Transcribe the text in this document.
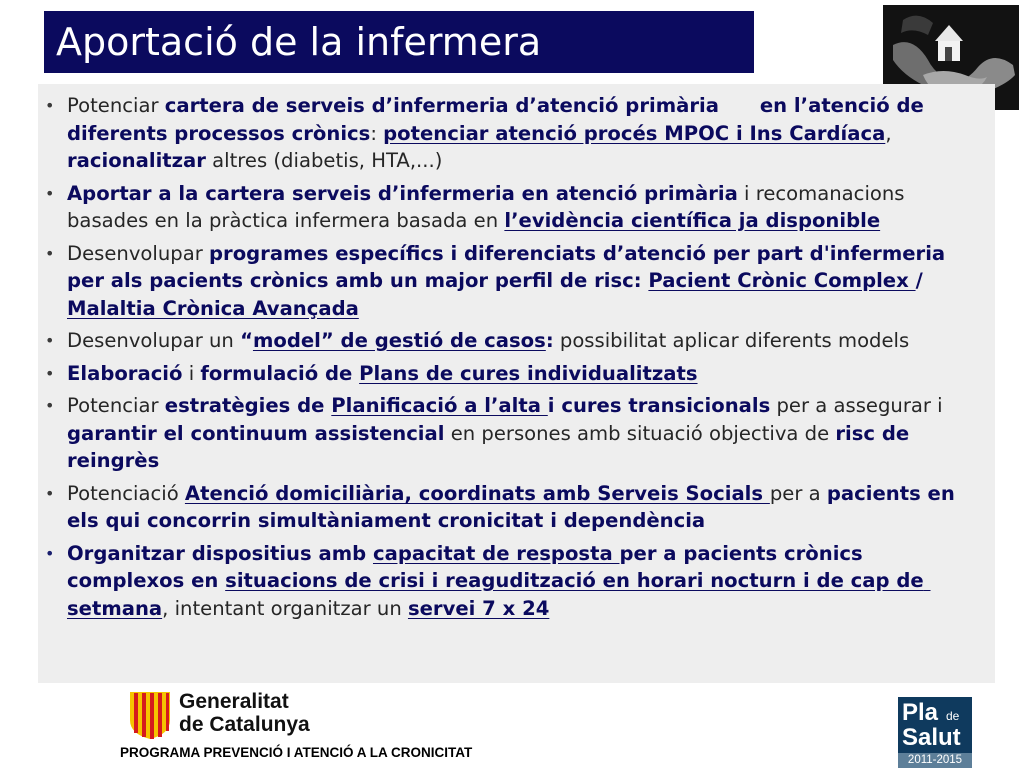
Aportació de la infermera
• Potenciar cartera de serveis d’infermeria d’atenció primària      en l’atenció de diferents processos crònics: potenciar atenció procés MPOC i Ins Cardíaca, racionalitzar altres (diabetis, HTA,...)
• Aportar a la cartera serveis d’infermeria en atenció primària i recomanacions basades en la pràctica infermera basada en l’evidència científica ja disponible
• Desenvolupar programes específics i diferenciats d’atenció per part d'infermeria per als pacients crònics amb un major perfil de risc: Pacient Crònic Complex / Malaltia Crònica Avançada
• Desenvolupar un “model” de gestió de casos: possibilitat aplicar diferents models
• Elaboració i formulació de Plans de cures individualitzats
• Potenciar estratègies de Planificació a l’alta i cures transicionals per a assegurar i garantir el continuum assistencial en persones amb situació objectiva de risc de reingrès
• Potenciació Atenció domiciliària, coordinats amb Serveis Socials per a pacients en els qui concorrin simultàniament cronicitat i dependència
• Organitzar dispositius amb capacitat de resposta per a pacients crònics complexos en situacions de crisi i reagudització en horari nocturn i de cap de setmana, intentant organitzar un servei 7 x 24
Generalitat
de Catalunya
PROGRAMA PREVENCIÓ I ATENCIÓ A LA CRONICITAT
Pla de
Salut
2011-2015
